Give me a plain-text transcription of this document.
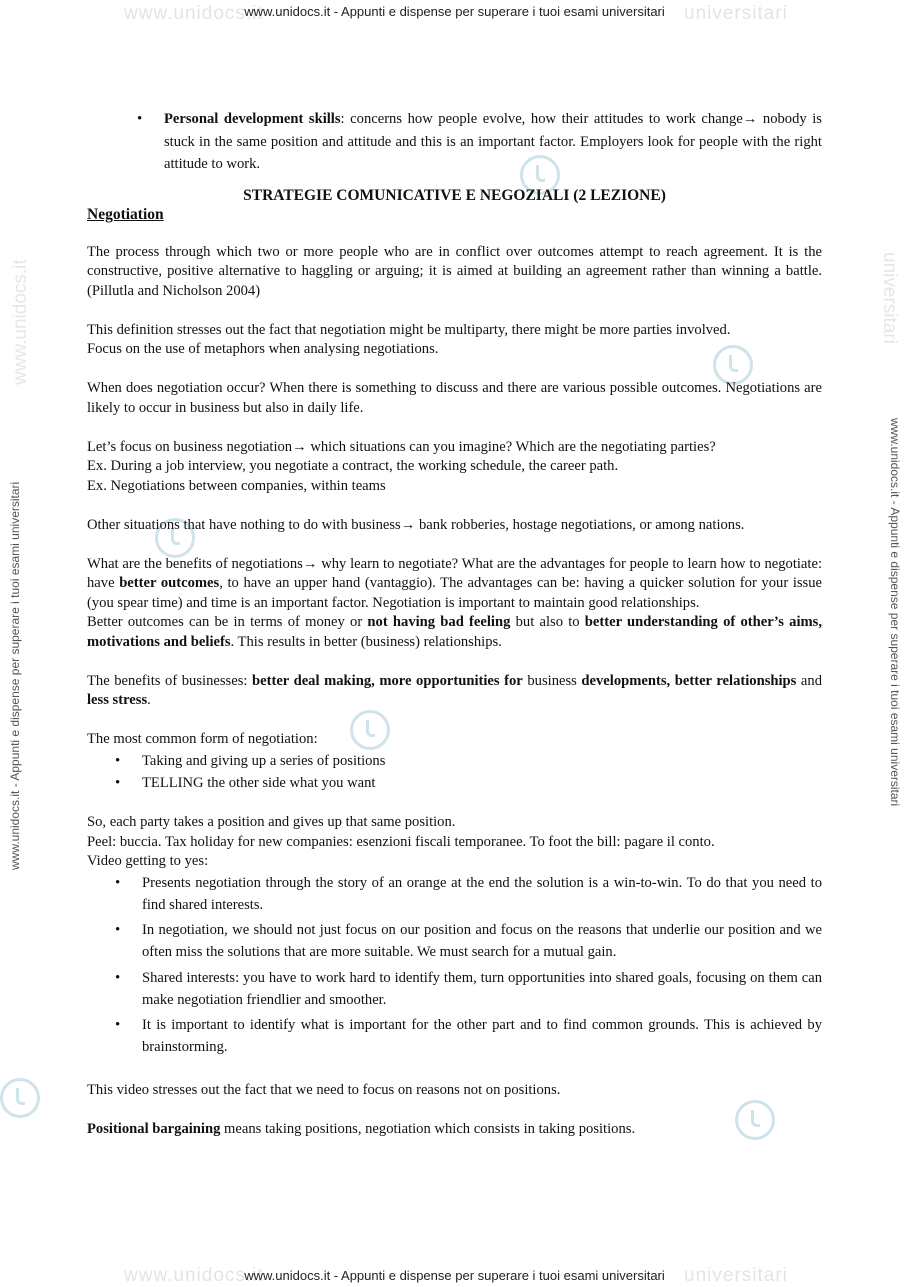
www.unidocs.it	universitari
www.unidocs.it	universitari
www.unidocs.it - Appunti e dispense per superare i tuoi esami universitari
www.unidocs.it - Appunti e dispense per superare i tuoi esami universitari
www.unidocs.it - Appunti e dispense per superare i tuoi esami universitari	www.unidocs.it - Appunti e dispense per superare i tuoi esami universitari
www.unidocs.it	universitari
• Personal development skills: concerns how people evolve, how their attitudes to work change→ nobody is stuck in the same position and attitude and this is an important factor. Employers look for people with the right attitude to work.
STRATEGIE COMUNICATIVE E NEGOZIALI (2 LEZIONE)
Negotiation

The process through which two or more people who are in conflict over outcomes attempt to reach agreement. It is the constructive, positive alternative to haggling or arguing; it is aimed at building an agreement rather than winning a battle. (Pillutla and Nicholson 2004)

This definition stresses out the fact that negotiation might be multiparty, there might be more parties involved.

Focus on the use of metaphors when analysing negotiations.

When does negotiation occur? When there is something to discuss and there are various possible outcomes. Negotiations are likely to occur in business but also in daily life.

Let’s focus on business negotiation→ which situations can you imagine? Which are the negotiating parties?

Ex. During a job interview, you negotiate a contract, the working schedule, the career path.

Ex. Negotiations between companies, within teams

Other situations that have nothing to do with business→ bank robberies, hostage negotiations, or among nations.

What are the benefits of negotiations→ why learn to negotiate? What are the advantages for people to learn how to negotiate: have better outcomes, to have an upper hand (vantaggio). The advantages can be: having a quicker solution for your issue (you spear time) and time is an important factor. Negotiation is important to maintain good relationships.

Better outcomes can be in terms of money or not having bad feeling but also to better understanding of other’s aims, motivations and beliefs. This results in better (business) relationships.

The benefits of businesses: better deal making, more opportunities for business developments, better relationships and less stress.

The most common form of negotiation:

• Taking and giving up a series of positions
• TELLING the other side what you want

So, each party takes a position and gives up that same position.

Peel: buccia. Tax holiday for new companies: esenzioni fiscali temporanee. To foot the bill: pagare il conto.

Video getting to yes:

• Presents negotiation through the story of an orange at the end the solution is a win-to-win. To do that you need to find shared interests.
• In negotiation, we should not just focus on our position and focus on the reasons that underlie our position and we often miss the solutions that are more suitable. We must search for a mutual gain.
• Shared interests: you have to work hard to identify them, turn opportunities into shared goals, focusing on them can make negotiation friendlier and smoother.
• It is important to identify what is important for the other part and to find common grounds. This is achieved by brainstorming.

This video stresses out the fact that we need to focus on reasons not on positions.

Positional bargaining means taking positions, negotiation which consists in taking positions.
